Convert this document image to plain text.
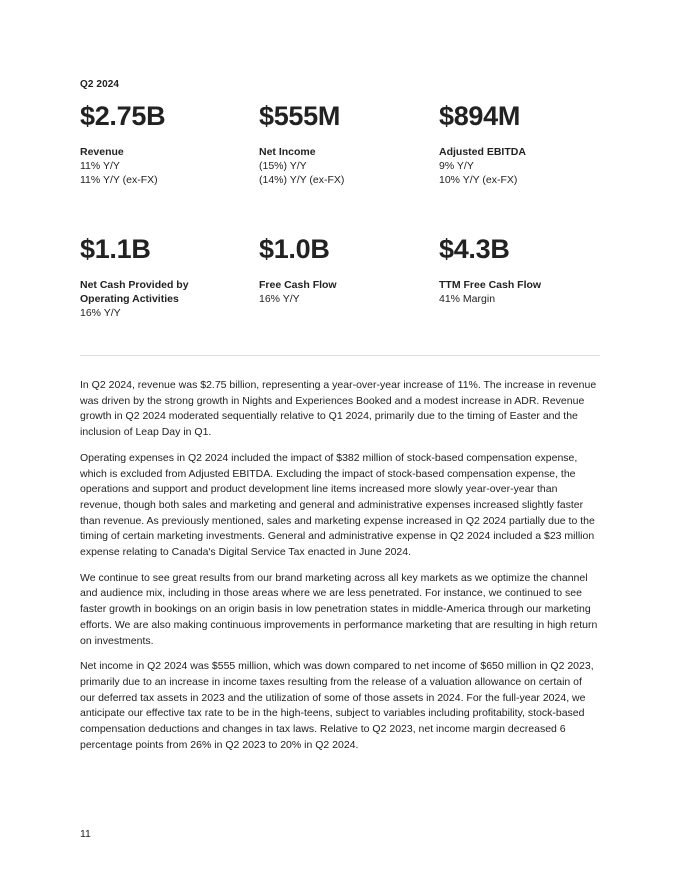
Q2 2024
$2.75B
Revenue
11% Y/Y
11% Y/Y (ex-FX)
$555M
Net Income
(15%) Y/Y
(14%) Y/Y (ex-FX)
$894M
Adjusted EBITDA
9% Y/Y
10% Y/Y (ex-FX)
$1.1B
Net Cash Provided by Operating Activities
16% Y/Y
$1.0B
Free Cash Flow
16% Y/Y
$4.3B
TTM Free Cash Flow
41% Margin

In Q2 2024, revenue was $2.75 billion, representing a year-over-year increase of 11%. The increase in revenue was driven by the strong growth in Nights and Experiences Booked and a modest increase in ADR. Revenue growth in Q2 2024 moderated sequentially relative to Q1 2024, primarily due to the timing of Easter and the inclusion of Leap Day in Q1.

Operating expenses in Q2 2024 included the impact of $382 million of stock-based compensation expense, which is excluded from Adjusted EBITDA. Excluding the impact of stock-based compensation expense, the operations and support and product development line items increased more slowly year-over-year than revenue, though both sales and marketing and general and administrative expenses increased slightly faster than revenue. As previously mentioned, sales and marketing expense increased in Q2 2024 partially due to the timing of certain marketing investments. General and administrative expense in Q2 2024 included a $23 million expense relating to Canada's Digital Service Tax enacted in June 2024.

We continue to see great results from our brand marketing across all key markets as we optimize the channel and audience mix, including in those areas where we are less penetrated. For instance, we continued to see faster growth in bookings on an origin basis in low penetration states in middle-America through our marketing efforts. We are also making continuous improvements in performance marketing that are resulting in high return on investments.

Net income in Q2 2024 was $555 million, which was down compared to net income of $650 million in Q2 2023, primarily due to an increase in income taxes resulting from the release of a valuation allowance on certain of our deferred tax assets in 2023 and the utilization of some of those assets in 2024. For the full-year 2024, we anticipate our effective tax rate to be in the high-teens, subject to variables including profitability, stock-based compensation deductions and changes in tax laws. Relative to Q2 2023, net income margin decreased 6 percentage points from 26% in Q2 2023 to 20% in Q2 2024.

11
